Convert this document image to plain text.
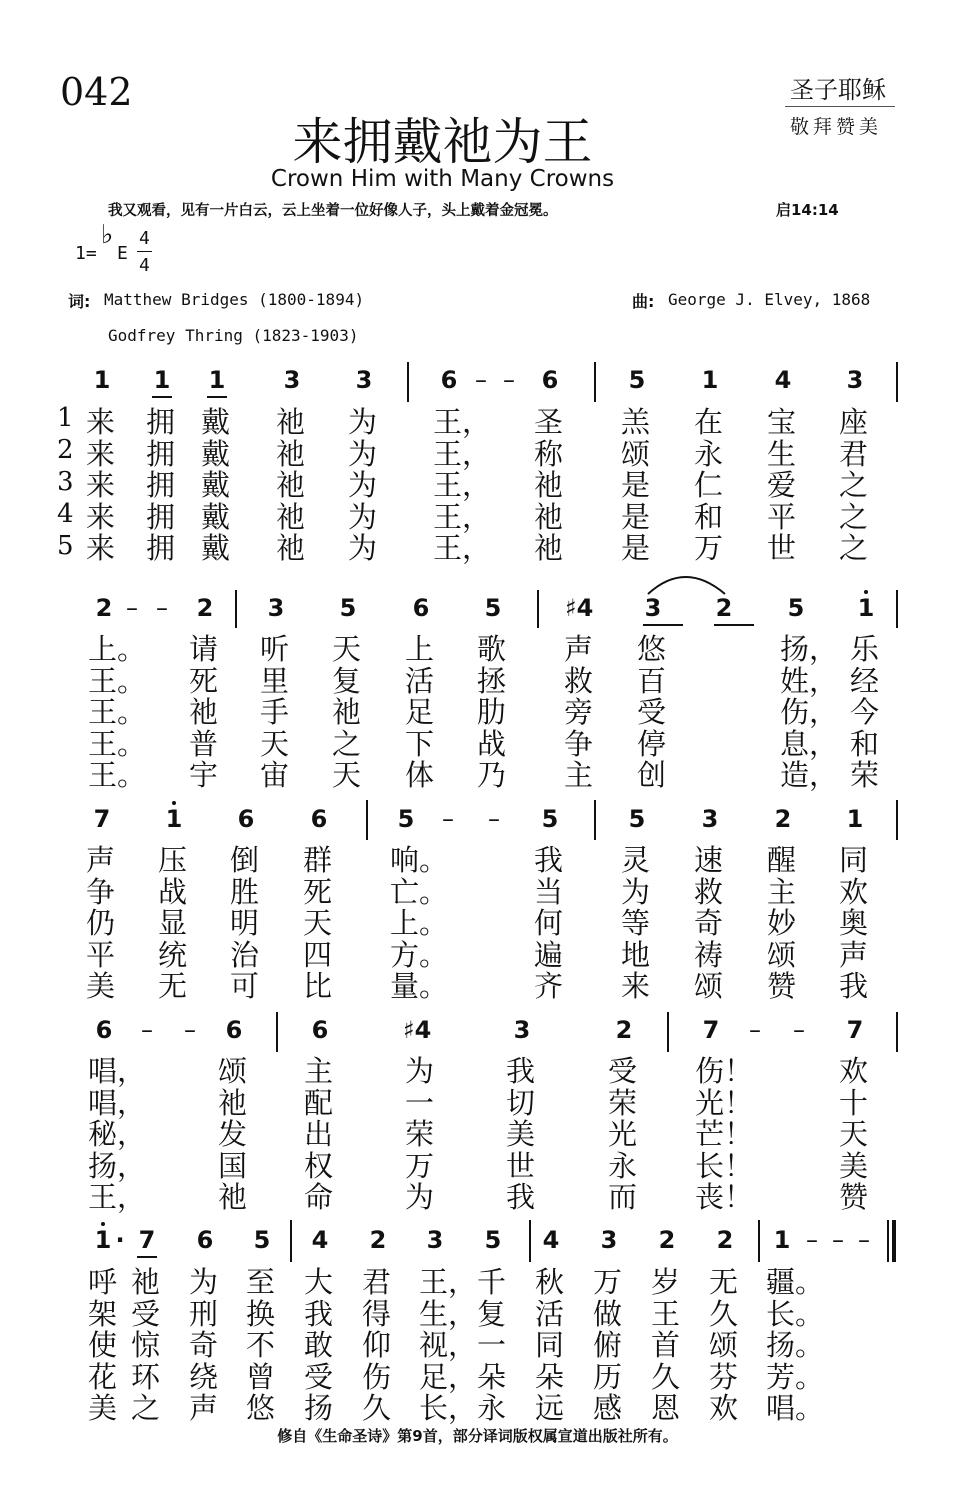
042	圣子耶稣
敬拜赞美
来拥戴祂为王
Crown Him with Many Crowns
我又观看，见有一片白云，云上坐着一位好像人子，头上戴着金冠冕。	启14:14
1=
♭
E
4
4
词: Matthew Bridges (1800-1894)
Godfrey Thring (1823-1903)
曲: George J. Elvey, 1868
1
2
3
4
5
1 1 1 3 3	6 – – 6	5 1 4 3
来 拥 戴 祂 为 王， 圣 羔 在 宝 座
来 拥 戴 祂 为 王， 称 颂 永 生 君
来 拥 戴 祂 为 王， 祂 是 仁 爱 之
来 拥 戴 祂 为 王， 祂 是 和 平 之
来 拥 戴 祂 为 王， 祂 是 万 世 之
2 – – 2 3 5 6 5	♯4 3 2 5 1
上。 请 听 天 上 歌 声 悠	扬， 乐
王。 死 里 复 活 拯 救 百	姓， 经
王。 祂 手 祂 足 肋 旁 受	伤， 今
王。 普 天 之 下 战 争 停	息， 和
王。 宇 宙 天 体 乃 主 创	造， 荣
7 1 6 6	5 – – 5	5 3 2 1
声 压 倒 群 响。	我 灵 速 醒 同
争 战 胜 死 亡。	当 为 救 主 欢
仍 显 明 天 上。	何 等 奇 妙 奥
平 统 治 四 方。	遍 地 祷 颂 声
美 无 可 比 量。	齐 来 颂 赞 我
6 – – 6	6	♯4	3	2	7 – – 7
唱， 颂 主 为 我	受 伤！	欢
唱， 祂 配 一 切	荣 光！	十
秘， 发 出 荣 美	光 芒！	天
扬， 国 权 万 世	永 长！	美
王， 祂 命 为 我	而 丧！	赞
1 · 7 6 5 4 2 3 5 4 3 2 2 1 – – –
呼 祂 为 至 大 君 王， 千 秋 万 岁 无 疆。
架 受 刑 换 我 得 生， 复 活 做 王 久 长。
使 惊 奇 不 敢 仰 视， 一 同 俯 首 颂 扬。
花 环 绕 曾 受 伤 足， 朵 朵 历 久 芬 芳。
美 之 声 悠 扬 久 长， 永 远 感 恩 欢 唱。
修自《生命圣诗》第9首，部分译词版权属宣道出版社所有。
